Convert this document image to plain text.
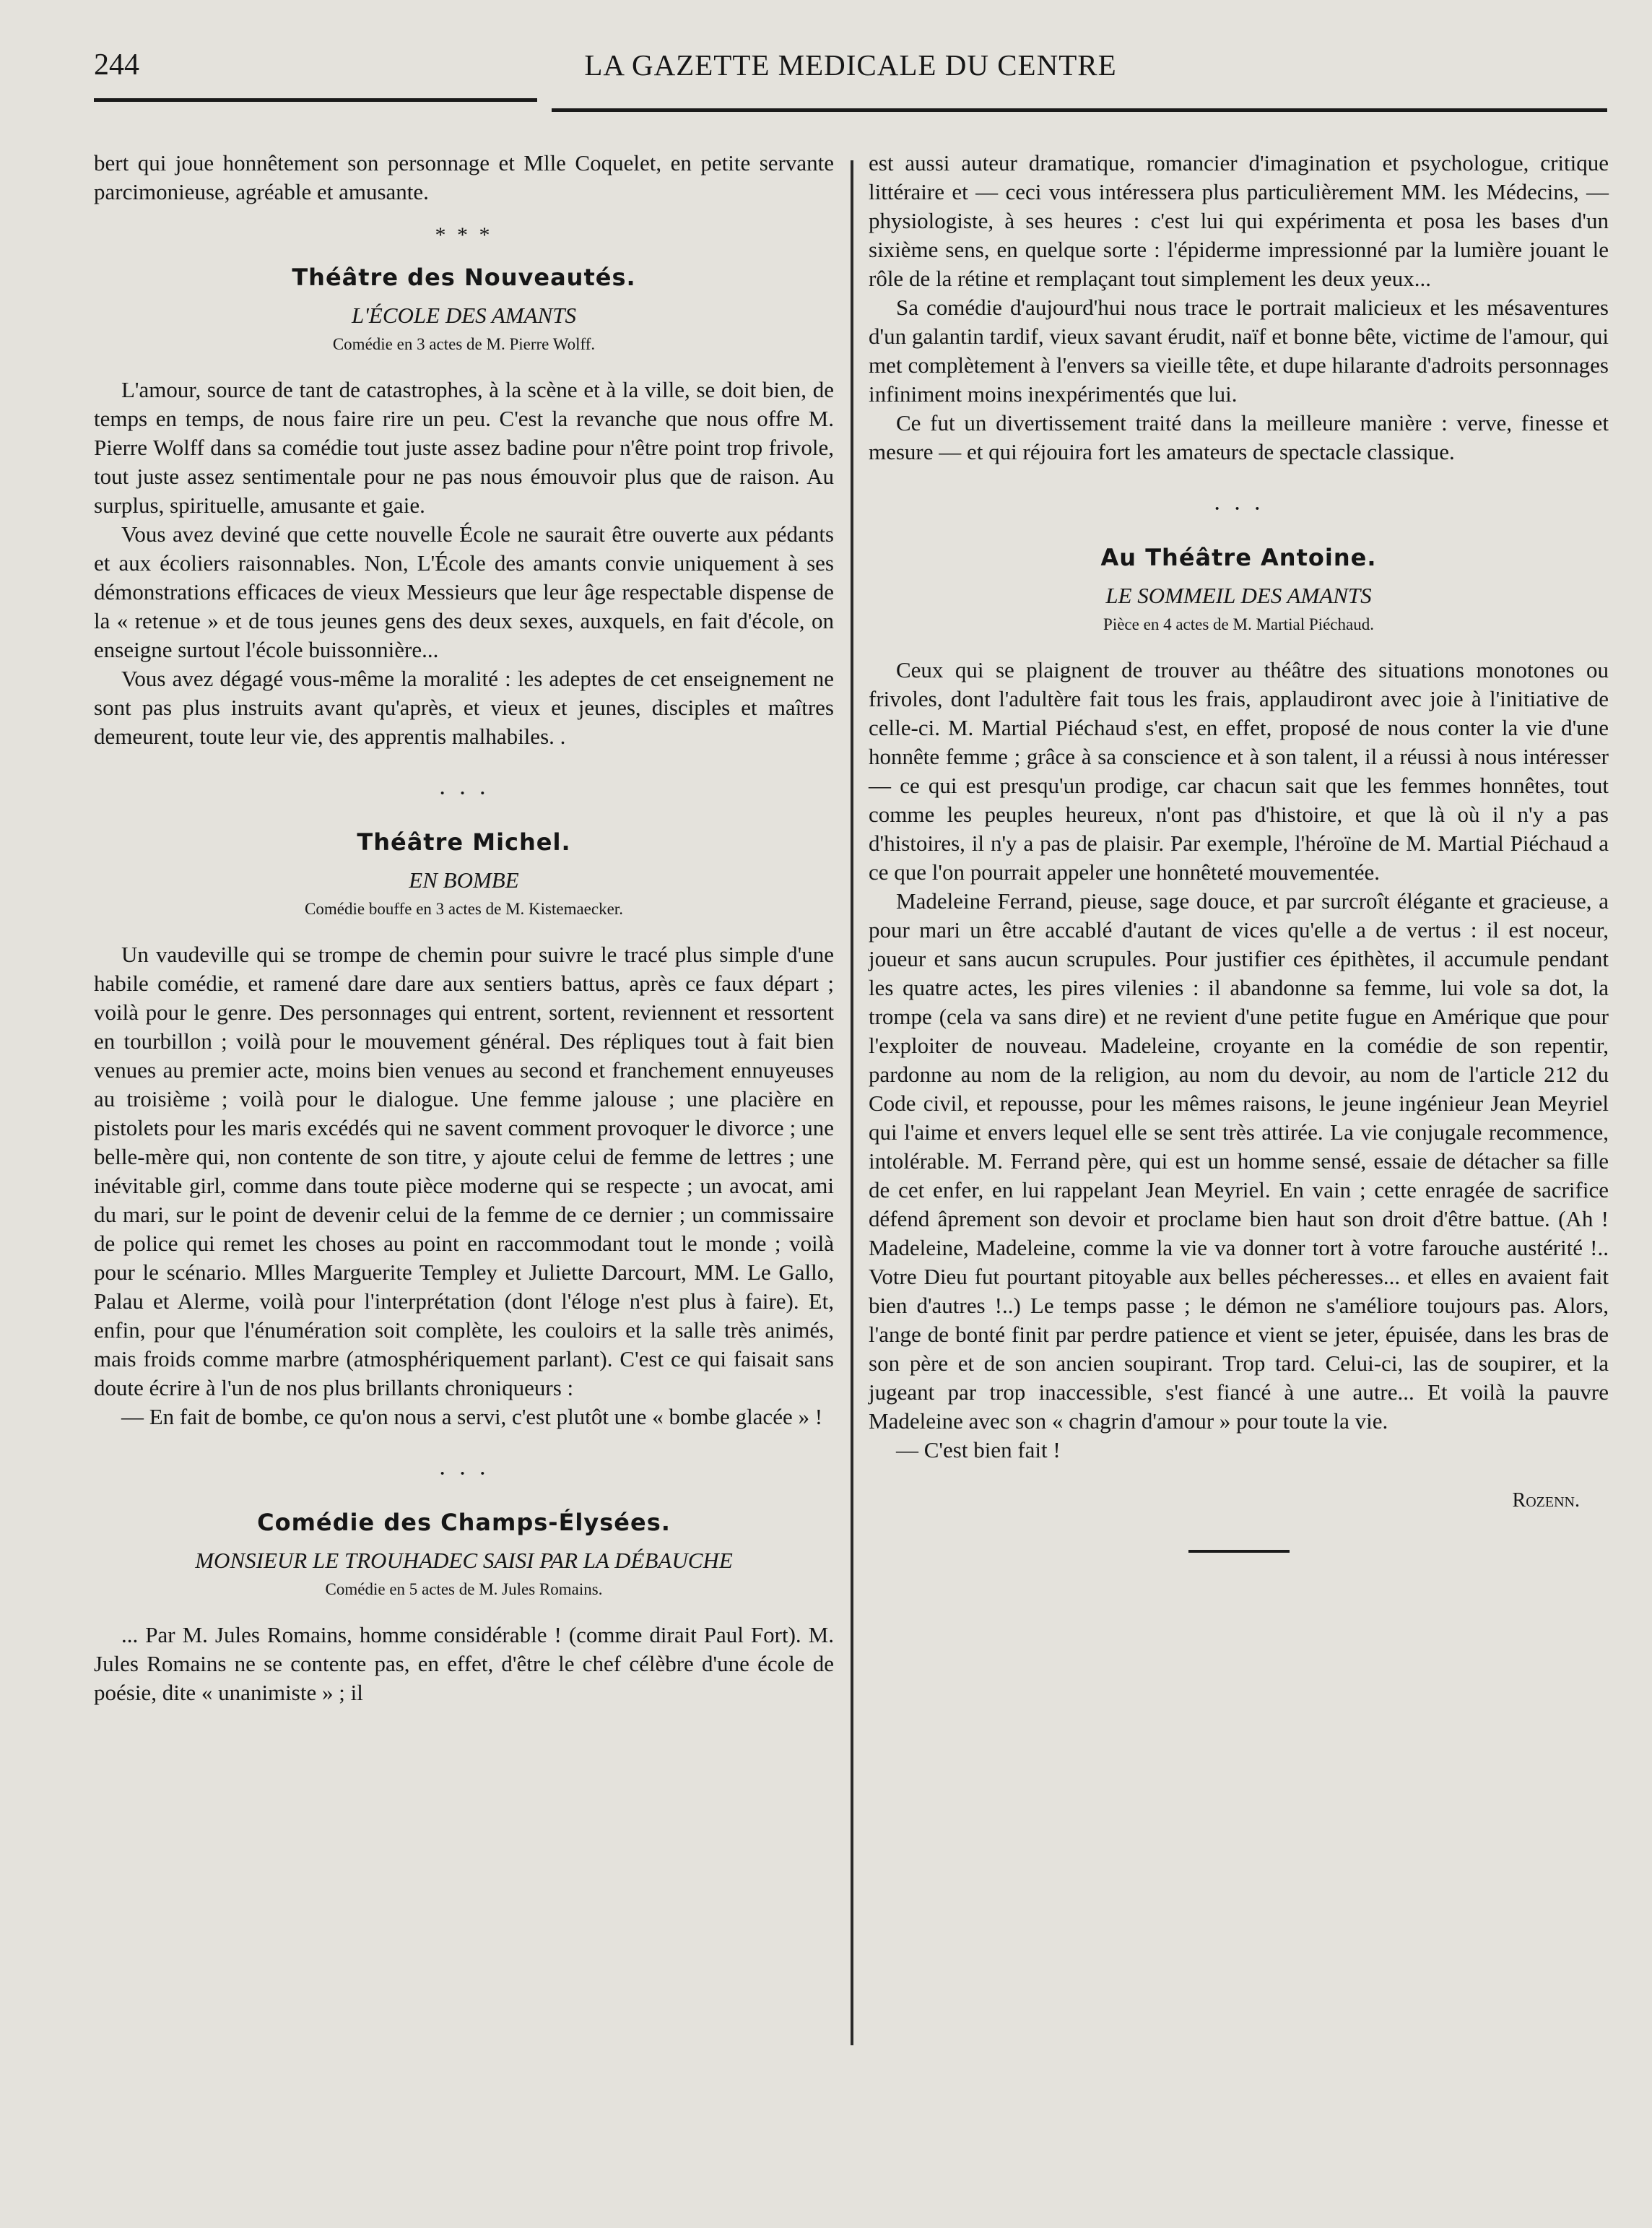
244	LA GAZETTE MEDICALE DU CENTRE

bert qui joue honnêtement son personnage et Mlle Coquelet, en petite servante parcimonieuse, agréable et amusante.

* * *
Théâtre des Nouveautés.
L'ÉCOLE DES AMANTS
Comédie en 3 actes de M. Pierre Wolff.

L'amour, source de tant de catastrophes, à la scène et à la ville, se doit bien, de temps en temps, de nous faire rire un peu. C'est la revanche que nous offre M. Pierre Wolff dans sa comédie tout juste assez badine pour n'être point trop frivole, tout juste assez sentimentale pour ne pas nous émouvoir plus que de raison. Au surplus, spirituelle, amusante et gaie.

Vous avez deviné que cette nouvelle École ne saurait être ouverte aux pédants et aux écoliers raisonnables. Non, L'École des amants convie uniquement à ses démonstrations efficaces de vieux Messieurs que leur âge respectable dispense de la « retenue » et de tous jeunes gens des deux sexes, auxquels, en fait d'école, on enseigne surtout l'école buissonnière...

Vous avez dégagé vous-même la moralité : les adeptes de cet enseignement ne sont pas plus instruits avant qu'après, et vieux et jeunes, disciples et maîtres demeurent, toute leur vie, des apprentis malhabiles. .

· · ·
Théâtre Michel.
EN BOMBE
Comédie bouffe en 3 actes de M. Kistemaecker.

Un vaudeville qui se trompe de chemin pour suivre le tracé plus simple d'une habile comédie, et ramené dare dare aux sentiers battus, après ce faux départ ; voilà pour le genre. Des personnages qui entrent, sortent, reviennent et ressortent en tourbillon ; voilà pour le mouvement général. Des répliques tout à fait bien venues au premier acte, moins bien venues au second et franchement ennuyeuses au troisième ; voilà pour le dialogue. Une femme jalouse ; une placière en pistolets pour les maris excédés qui ne savent comment provoquer le divorce ; une belle-mère qui, non contente de son titre, y ajoute celui de femme de lettres ; une inévitable girl, comme dans toute pièce moderne qui se respecte ; un avocat, ami du mari, sur le point de devenir celui de la femme de ce dernier ; un commissaire de police qui remet les choses au point en raccommodant tout le monde ; voilà pour le scénario. Mlles Marguerite Templey et Juliette Darcourt, MM. Le Gallo, Palau et Alerme, voilà pour l'interprétation (dont l'éloge n'est plus à faire). Et, enfin, pour que l'énumération soit complète, les couloirs et la salle très animés, mais froids comme marbre (atmosphériquement parlant). C'est ce qui faisait sans doute écrire à l'un de nos plus brillants chroniqueurs :

— En fait de bombe, ce qu'on nous a servi, c'est plutôt une « bombe glacée » !

· · ·
Comédie des Champs-Élysées.
MONSIEUR LE TROUHADEC SAISI PAR LA DÉBAUCHE
Comédie en 5 actes de M. Jules Romains.

... Par M. Jules Romains, homme considérable ! (comme dirait Paul Fort). M. Jules Romains ne se contente pas, en effet, d'être le chef célèbre d'une école de poésie, dite « unanimiste » ; il

est aussi auteur dramatique, romancier d'imagination et psychologue, critique littéraire et — ceci vous intéressera plus particulièrement MM. les Médecins, — physiologiste, à ses heures : c'est lui qui expérimenta et posa les bases d'un sixième sens, en quelque sorte : l'épiderme impressionné par la lumière jouant le rôle de la rétine et remplaçant tout simplement les deux yeux...

Sa comédie d'aujourd'hui nous trace le portrait malicieux et les mésaventures d'un galantin tardif, vieux savant érudit, naïf et bonne bête, victime de l'amour, qui met complètement à l'envers sa vieille tête, et dupe hilarante d'adroits personnages infiniment moins inexpérimentés que lui.

Ce fut un divertissement traité dans la meilleure manière : verve, finesse et mesure — et qui réjouira fort les amateurs de spectacle classique.

· · ·
Au Théâtre Antoine.
LE SOMMEIL DES AMANTS
Pièce en 4 actes de M. Martial Piéchaud.

Ceux qui se plaignent de trouver au théâtre des situations monotones ou frivoles, dont l'adultère fait tous les frais, applaudiront avec joie à l'initiative de celle-ci. M. Martial Piéchaud s'est, en effet, proposé de nous conter la vie d'une honnête femme ; grâce à sa conscience et à son talent, il a réussi à nous intéresser — ce qui est presqu'un prodige, car chacun sait que les femmes honnêtes, tout comme les peuples heureux, n'ont pas d'histoire, et que là où il n'y a pas d'histoires, il n'y a pas de plaisir. Par exemple, l'héroïne de M. Martial Piéchaud a ce que l'on pourrait appeler une honnêteté mouvementée.

Madeleine Ferrand, pieuse, sage douce, et par surcroît élégante et gracieuse, a pour mari un être accablé d'autant de vices qu'elle a de vertus : il est noceur, joueur et sans aucun scrupules. Pour justifier ces épithètes, il accumule pendant les quatre actes, les pires vilenies : il abandonne sa femme, lui vole sa dot, la trompe (cela va sans dire) et ne revient d'une petite fugue en Amérique que pour l'exploiter de nouveau. Madeleine, croyante en la comédie de son repentir, pardonne au nom de la religion, au nom du devoir, au nom de l'article 212 du Code civil, et repousse, pour les mêmes raisons, le jeune ingénieur Jean Meyriel qui l'aime et envers lequel elle se sent très attirée. La vie conjugale recommence, intolérable. M. Ferrand père, qui est un homme sensé, essaie de détacher sa fille de cet enfer, en lui rappelant Jean Meyriel. En vain ; cette enragée de sacrifice défend âprement son devoir et proclame bien haut son droit d'être battue. (Ah ! Madeleine, Madeleine, comme la vie va donner tort à votre farouche austérité !.. Votre Dieu fut pourtant pitoyable aux belles pécheresses... et elles en avaient fait bien d'autres !..) Le temps passe ; le démon ne s'améliore toujours pas. Alors, l'ange de bonté finit par perdre patience et vient se jeter, épuisée, dans les bras de son père et de son ancien soupirant. Trop tard. Celui-ci, las de soupirer, et la jugeant par trop inaccessible, s'est fiancé à une autre... Et voilà la pauvre Madeleine avec son « chagrin d'amour » pour toute la vie.

— C'est bien fait !

Rozenn.
